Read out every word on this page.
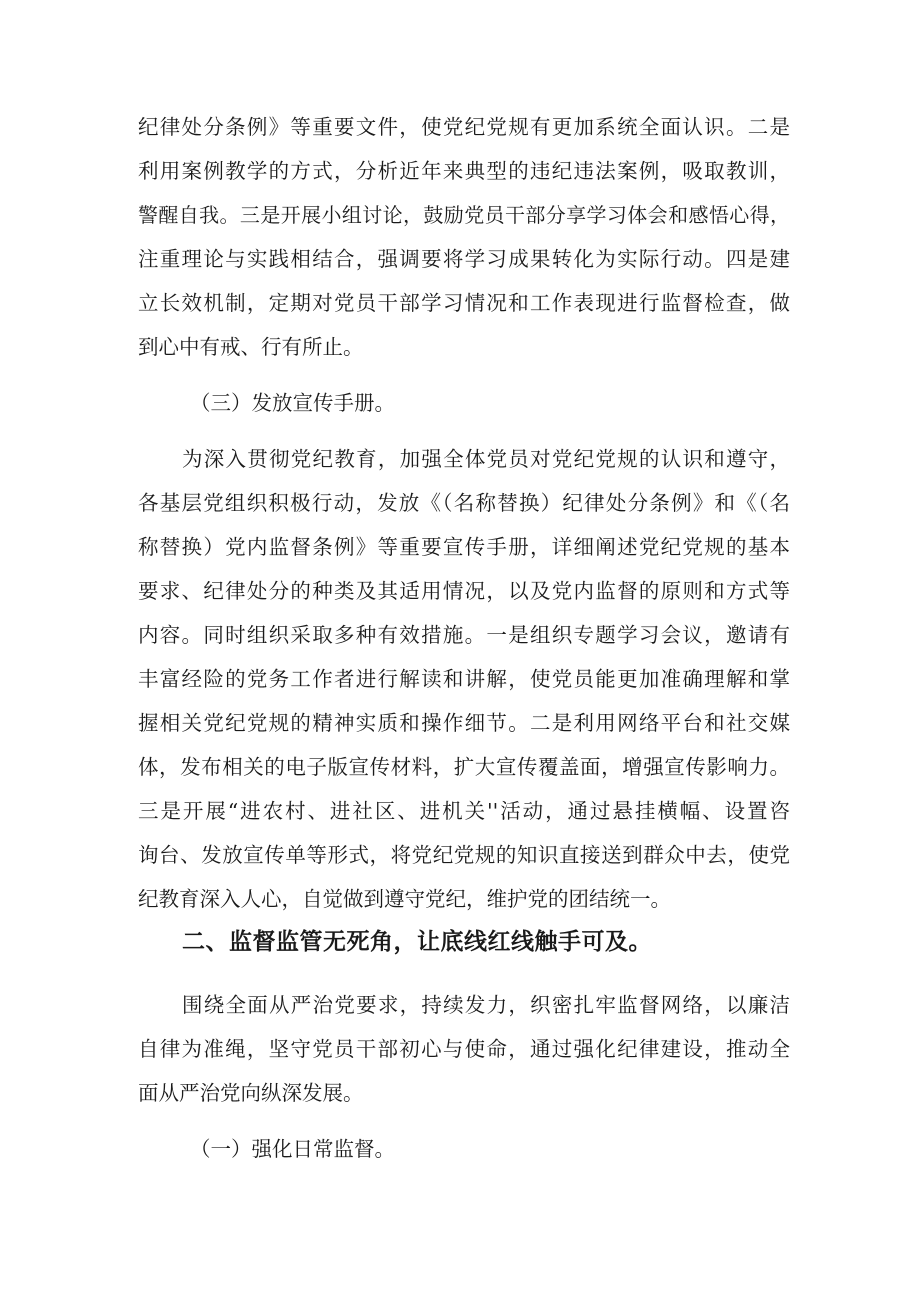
纪律处分条例》等重要文件，使党纪党规有更加系统全面认识。二是
利用案例教学的方式，分析近年来典型的违纪违法案例，吸取教训，
警醒自我。三是开展小组讨论，鼓励党员干部分享学习体会和感悟心得，
注重理论与实践相结合，强调要将学习成果转化为实际行动。四是建
立长效机制，定期对党员干部学习情况和工作表现进行监督检查，做
到心中有戒、行有所止。
（三）发放宣传手册。
为深入贯彻党纪教育，加强全体党员对党纪党规的认识和遵守，
各基层党组织积极行动，发放《（名称替换）纪律处分条例》和《（名
称替换）党内监督条例》等重要宣传手册，详细阐述党纪党规的基本
要求、纪律处分的种类及其适用情况，以及党内监督的原则和方式等
内容。同时组织采取多种有效措施。一是组织专题学习会议，邀请有
丰富经险的党务工作者进行解读和讲解，使党员能更加准确理解和掌
握相关党纪党规的精神实质和操作细节。二是利用网络平台和社交媒
体，发布相关的电子版宣传材料，扩大宣传覆盖面，增强宣传影响力。
三是开展“进农村、进社区、进机关''活动，通过悬挂横幅、设置咨
询台、发放宣传单等形式，将党纪党规的知识直接送到群众中去，使党
纪教育深入人心，自觉做到遵守党纪，维护党的团结统一。
二、监督监管无死角，让底线红线触手可及。
围绕全面从严治党要求，持续发力，织密扎牢监督网络，以廉洁
自律为准绳，坚守党员干部初心与使命，通过强化纪律建设，推动全
面从严治党向纵深发展。
（一）强化日常监督。
